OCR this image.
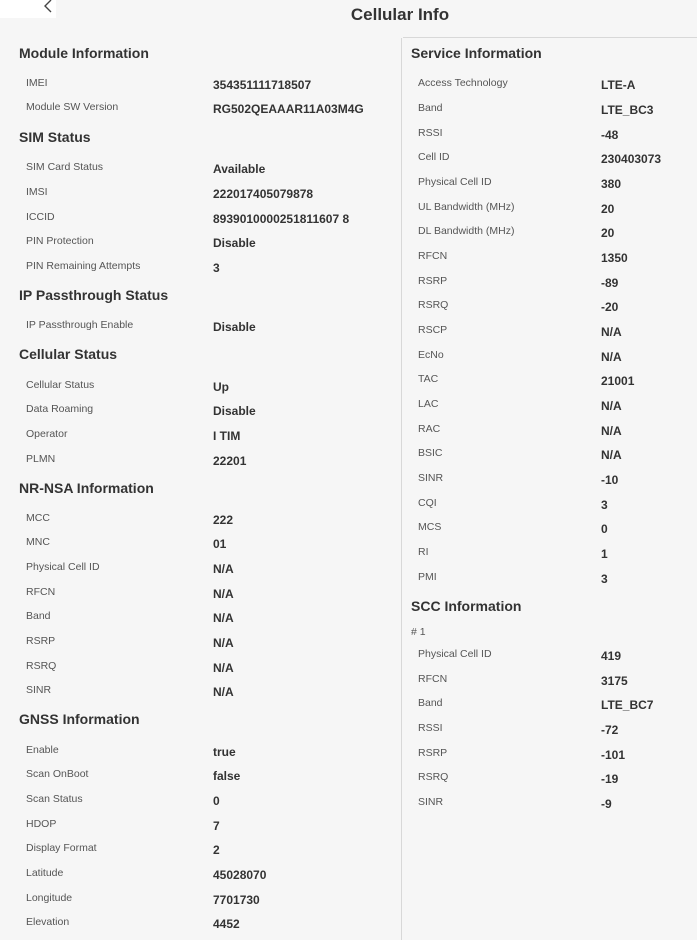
Cellular Info
Module Information
IMEI	354351111718507
Module SW Version	RG502QEAAAR11A03M4G
SIM Status
SIM Card Status	Available
IMSI	222017405079878
ICCID	8939010000251811607 8
PIN Protection	Disable
PIN Remaining Attempts	3
IP Passthrough Status
IP Passthrough Enable	Disable
Cellular Status
Cellular Status	Up
Data Roaming	Disable
Operator	I TIM
PLMN	22201
NR-NSA Information
MCC	222
MNC	01
Physical Cell ID	N/A
RFCN	N/A
Band	N/A
RSRP	N/A
RSRQ	N/A
SINR	N/A
GNSS Information
Enable	true
Scan OnBoot	false
Scan Status	0
HDOP	7
Display Format	2
Latitude	45028070
Longitude	7701730
Elevation	4452
Service Information
Access Technology	LTE-A
Band	LTE_BC3
RSSI	-48
Cell ID	230403073
Physical Cell ID	380
UL Bandwidth (MHz)	20
DL Bandwidth (MHz)	20
RFCN	1350
RSRP	-89
RSRQ	-20
RSCP	N/A
EcNo	N/A
TAC	21001
LAC	N/A
RAC	N/A
BSIC	N/A
SINR	-10
CQI	3
MCS	0
RI	1
PMI	3
SCC Information
# 1
Physical Cell ID	419
RFCN	3175
Band	LTE_BC7
RSSI	-72
RSRP	-101
RSRQ	-19
SINR	-9
